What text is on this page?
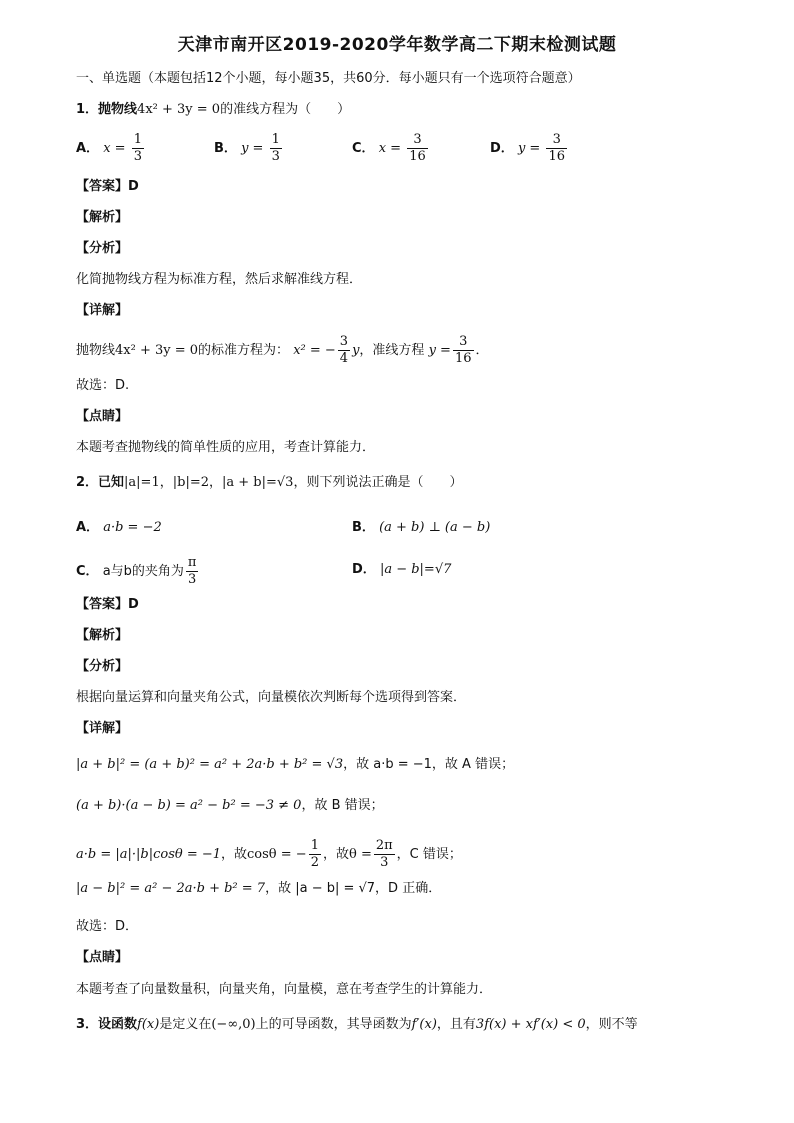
天津市南开区2019-2020学年数学高二下期末检测试题
一、单选题（本题包括12个小题，每小题35，共60分．每小题只有一个选项符合题意）
1．抛物线4x² + 3y = 0的准线方程为（　　）
A． $x = \frac{1}{3}$	B． $y = \frac{1}{3}$	C． $x = \frac{3}{16}$	D． $y = \frac{3}{16}$
【答案】D
【解析】
【分析】
化简抛物线方程为标准方程，然后求解准线方程．
【详解】
抛物线4x² + 3y = 0的标准方程为： x² = − $\frac{3}{4}$ y，准线方程 $y = \frac{3}{16}$ ．
故选：D.
【点睛】
本题考查抛物线的简单性质的应用，考查计算能力．
2．已知|a|=1，|b|=2，|a + b|=√3，则下列说法正确是（　　）
A． a·b = −2	B． (a + b) ⊥ (a − b)
C． a与b的夹角为 $\frac{\pi}{3}$	D． |a − b|=√7
【答案】D
【解析】
【分析】
根据向量运算和向量夹角公式，向量模依次判断每个选项得到答案．
【详解】
|a + b|² = (a + b)² = a² + 2a·b + b² = √3，故 a·b = −1，故 A 错误；
(a + b)·(a − b) = a² − b² = −3 ≠ 0，故 B 错误；
a·b = |a|·|b|cosθ = −1，故cosθ = − $\frac{1}{2}$ ，故$\theta = \frac{2\pi}{3}$ ，C 错误；
|a − b|² = a² − 2a·b + b² = 7，故 |a − b| = √7，D 正确．
故选：D．
【点睛】
本题考查了向量数量积，向量夹角，向量模，意在考查学生的计算能力．
3．设函数f(x)是定义在(−∞,0)上的可导函数，其导函数为f′(x)，且有3f(x) + xf′(x) < 0，则不等
